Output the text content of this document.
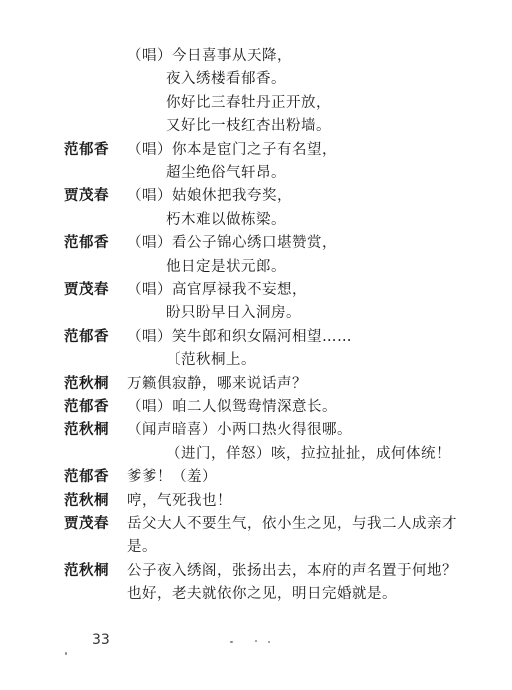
（唱）今日喜事从天降，
夜入绣楼看郁香。
你好比三春牡丹正开放，
又好比一枝红杏出粉墙。
范郁香 （唱）你本是宦门之子有名望，
超尘绝俗气轩昂。
贾茂春 （唱）姑娘休把我夸奖，
朽木难以做栋梁。
范郁香 （唱）看公子锦心绣口堪赞赏，
他日定是状元郎。
贾茂春 （唱）高官厚禄我不妄想，
盼只盼早日入洞房。
范郁香 （唱）笑牛郎和织女隔河相望……
〔范秋桐上。
范秋桐 万籁俱寂静，哪来说话声？
范郁香 （唱）咱二人似鸳鸯情深意长。
范秋桐 （闻声暗喜）小两口热火得很哪。
（进门，佯怒）咳，拉拉扯扯，成何体统！
范郁香 爹爹！（羞）
范秋桐 哼，气死我也！
贾茂春 岳父大人不要生气，依小生之见，与我二人成亲才
是。
范秋桐 公子夜入绣阁，张扬出去，本府的声名置于何地？
也好，老夫就依你之见，明日完婚就是。
33
